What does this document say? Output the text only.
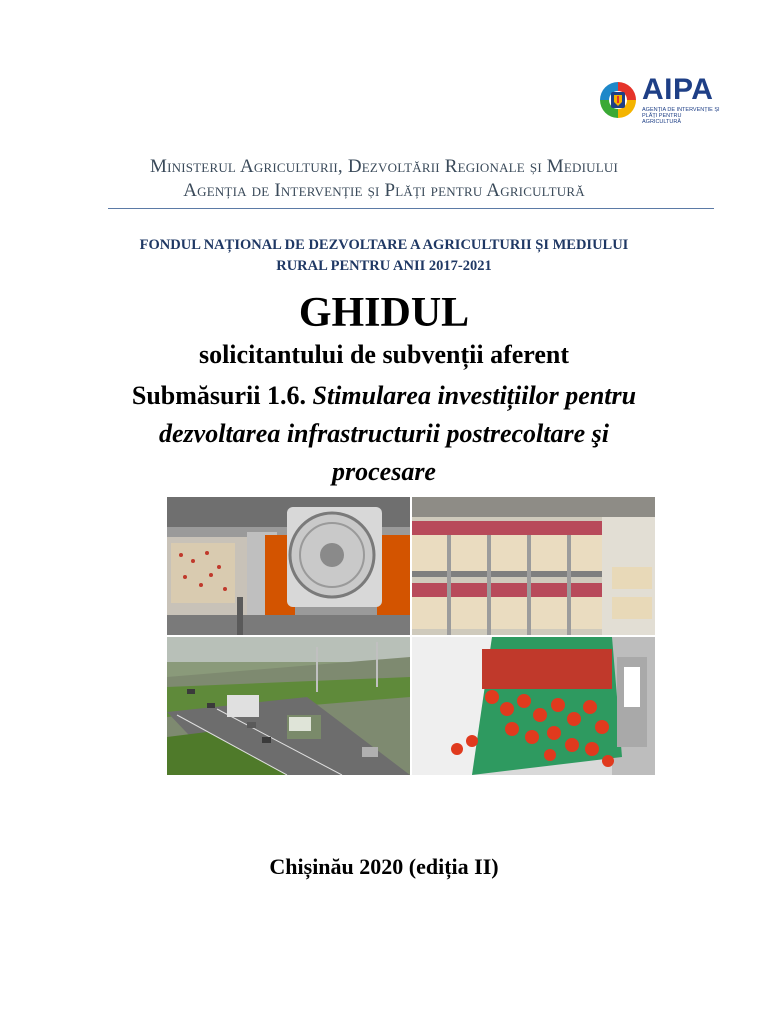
AIPA
AGENȚIA DE INTERVENȚIE ȘI PLĂȚI PENTRU AGRICULTURĂ
Ministerul Agriculturii, Dezvoltării Regionale și Mediului
Agenția de Intervenție și Plăți pentru Agricultură
FONDUL NAȚIONAL DE DEZVOLTARE A AGRICULTURII ȘI MEDIULUI
RURAL PENTRU ANII 2017-2021
GHIDUL
solicitantului de subvenții aferent
Submăsurii 1.6. Stimularea investițiilor pentru
dezvoltarea infrastructurii postrecoltare şi
procesare
Chișinău 2020 (ediția II)
